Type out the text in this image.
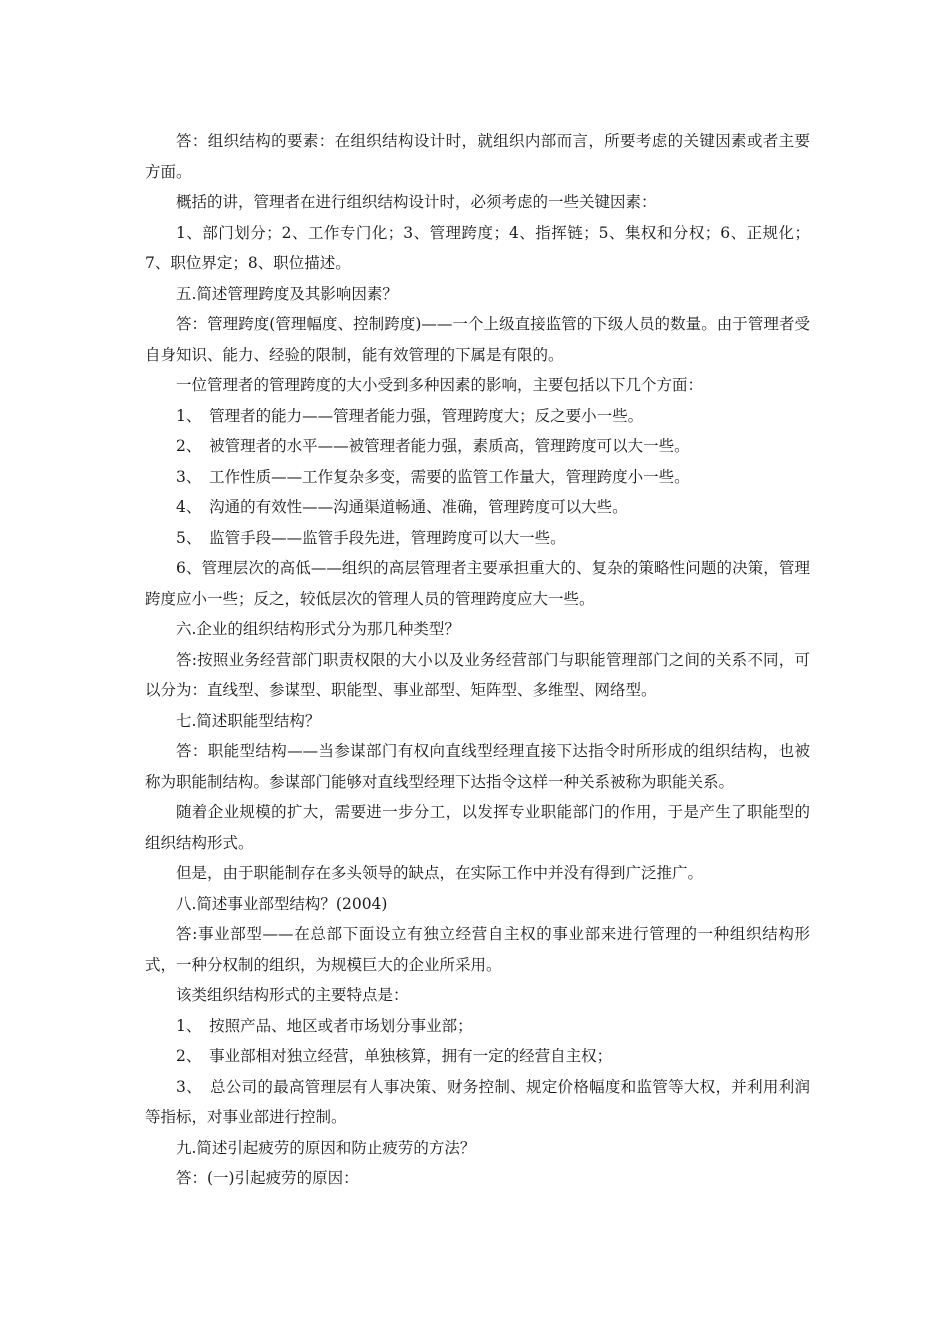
答：组织结构的要素：在组织结构设计时，就组织内部而言，所要考虑的关键因素或者主要方面。

概括的讲，管理者在进行组织结构设计时，必须考虑的一些关键因素：

1、部门划分；2、工作专门化；3、管理跨度；4、指挥链；5、集权和分权；6、正规化；7、职位界定；8、职位描述。

五.简述管理跨度及其影响因素？

答：管理跨度(管理幅度、控制跨度)——一个上级直接监管的下级人员的数量。由于管理者受自身知识、能力、经验的限制，能有效管理的下属是有限的。

一位管理者的管理跨度的大小受到多种因素的影响，主要包括以下几个方面：

1、　管理者的能力——管理者能力强，管理跨度大；反之要小一些。

2、　被管理者的水平——被管理者能力强，素质高，管理跨度可以大一些。

3、　工作性质——工作复杂多变，需要的监管工作量大，管理跨度小一些。

4、　沟通的有效性——沟通渠道畅通、准确，管理跨度可以大些。

5、　监管手段——监管手段先进，管理跨度可以大一些。

6、管理层次的高低——组织的高层管理者主要承担重大的、复杂的策略性问题的决策，管理跨度应小一些；反之，较低层次的管理人员的管理跨度应大一些。

六.企业的组织结构形式分为那几种类型？

答:按照业务经营部门职责权限的大小以及业务经营部门与职能管理部门之间的关系不同，可以分为：直线型、参谋型、职能型、事业部型、矩阵型、多维型、网络型。

七.简述职能型结构？

答：职能型结构——当参谋部门有权向直线型经理直接下达指令时所形成的组织结构，也被称为职能制结构。参谋部门能够对直线型经理下达指令这样一种关系被称为职能关系。

随着企业规模的扩大，需要进一步分工，以发挥专业职能部门的作用，于是产生了职能型的组织结构形式。

但是，由于职能制存在多头领导的缺点，在实际工作中并没有得到广泛推广。

八.简述事业部型结构？(2004)

答:事业部型——在总部下面设立有独立经营自主权的事业部来进行管理的一种组织结构形式，一种分权制的组织，为规模巨大的企业所采用。

该类组织结构形式的主要特点是：

1、　按照产品、地区或者市场划分事业部；

2、　事业部相对独立经营，单独核算，拥有一定的经营自主权；

3、　总公司的最高管理层有人事决策、财务控制、规定价格幅度和监管等大权，并利用利润等指标，对事业部进行控制。

九.简述引起疲劳的原因和防止疲劳的方法？

答：(一)引起疲劳的原因：
